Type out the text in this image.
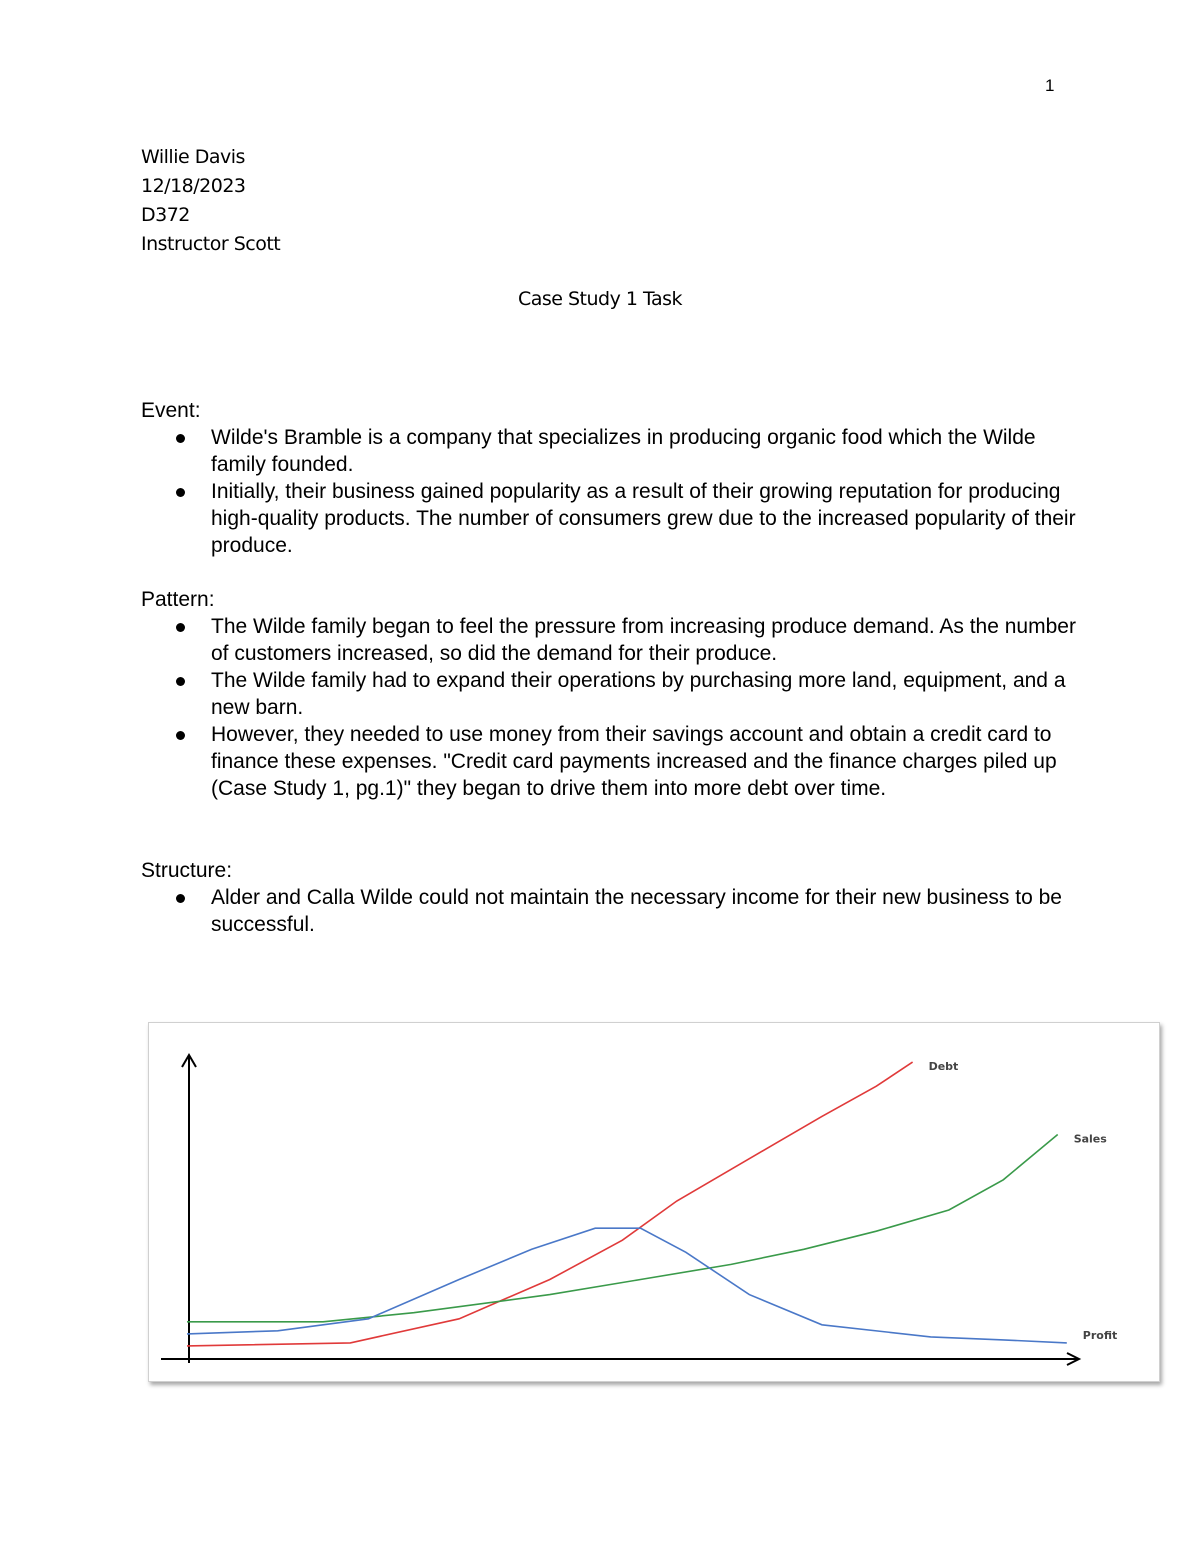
1
Willie Davis
12/18/2023
D372
Instructor Scott
Case Study 1 Task
Event:
Wilde's Bramble is a company that specializes in producing organic food which the Wilde family founded.
Initially, their business gained popularity as a result of their growing reputation for producing high-quality products. The number of consumers grew due to the increased popularity of their produce.
Pattern:
The Wilde family began to feel the pressure from increasing produce demand. As the number of customers increased, so did the demand for their produce.
The Wilde family had to expand their operations by purchasing more land, equipment, and a new barn.
However, they needed to use money from their savings account and obtain a credit card to finance these expenses. "Credit card payments increased and the finance charges piled up (Case Study 1, pg.1)" they began to drive them into more debt over time.
Structure:
Alder and Calla Wilde could not maintain the necessary income for their new business to be successful.
Debt
Sales
Profit
